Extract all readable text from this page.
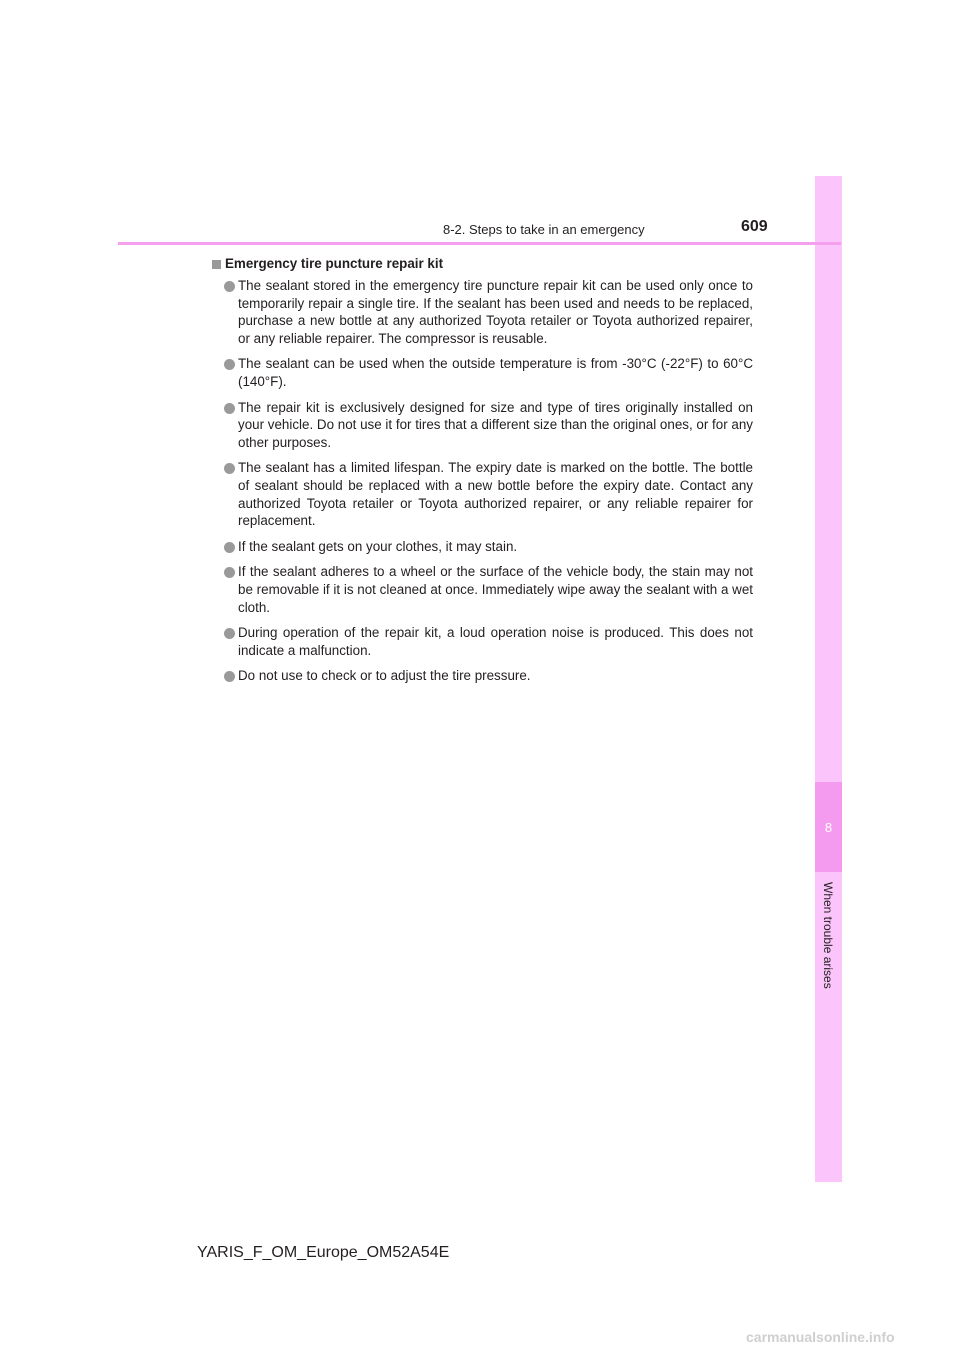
8
When trouble arises
8-2. Steps to take in an emergency	609
Emergency tire puncture repair kit
The sealant stored in the emergency tire puncture repair kit can be used only once to temporarily repair a single tire. If the sealant has been used and needs to be replaced, purchase a new bottle at any authorized Toyota retailer or Toyota authorized repairer, or any reliable repairer. The compressor is reusable.
The sealant can be used when the outside temperature is from -30°C (-22°F) to 60°C (140°F).
The repair kit is exclusively designed for size and type of tires originally installed on your vehicle. Do not use it for tires that a different size than the original ones, or for any other purposes.
The sealant has a limited lifespan. The expiry date is marked on the bottle. The bottle of sealant should be replaced with a new bottle before the expiry date. Contact any authorized Toyota retailer or Toyota authorized repairer, or any reliable repairer for replacement.
If the sealant gets on your clothes, it may stain.
If the sealant adheres to a wheel or the surface of the vehicle body, the stain may not be removable if it is not cleaned at once. Immediately wipe away the sealant with a wet cloth.
During operation of the repair kit, a loud operation noise is produced. This does not indicate a malfunction.
Do not use to check or to adjust the tire pressure.
YARIS_F_OM_Europe_OM52A54E
carmanualsonline.info
